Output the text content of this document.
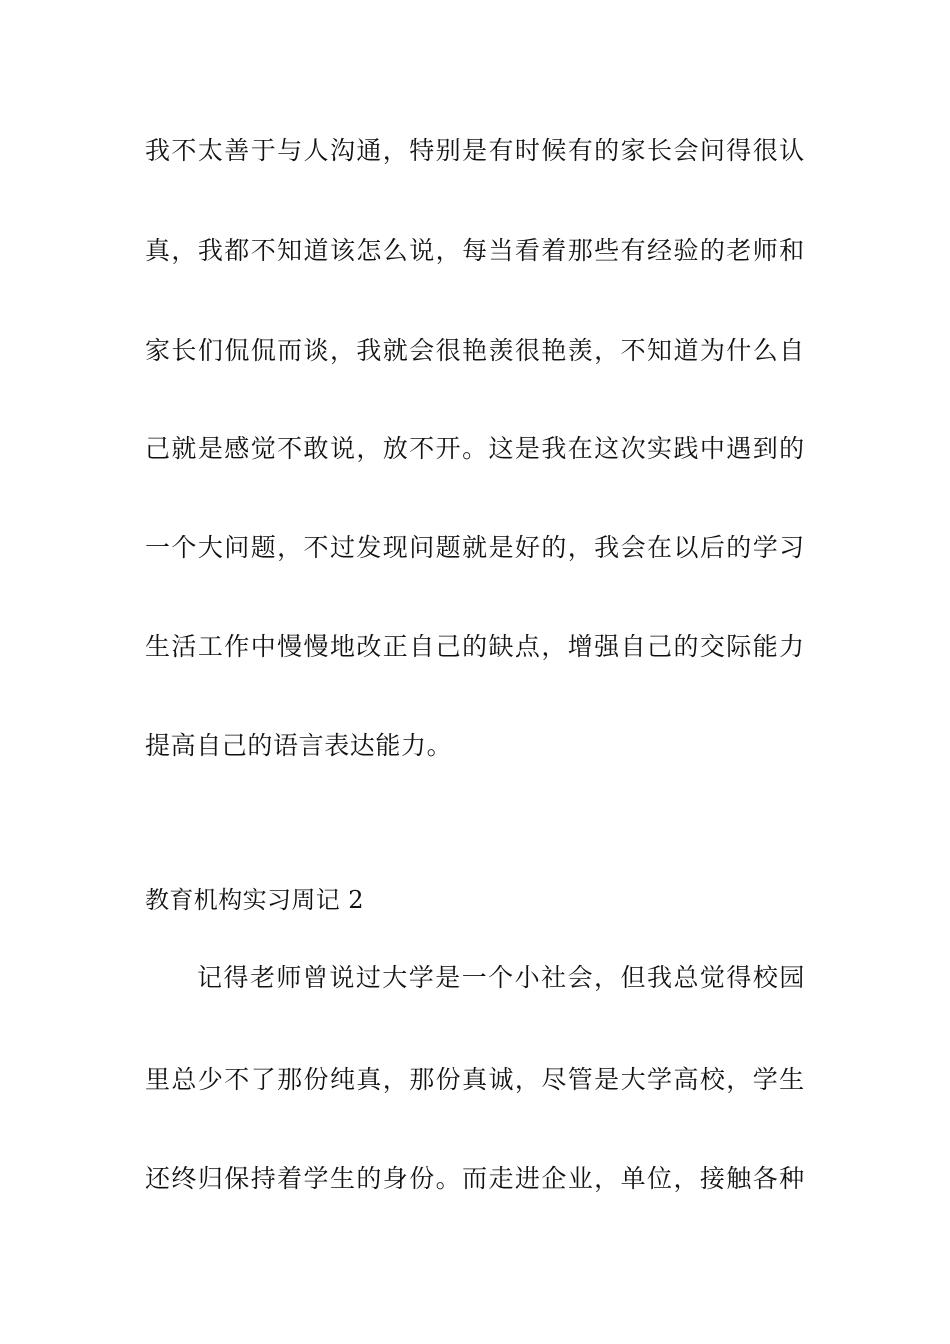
我 不 太 善 于 与 人 沟 通 ， 特 别 是 有 时 候 有 的 家 长 会 问 得 很 认
真 ， 我 都 不 知 道 该 怎 么 说 ， 每 当 看 着 那 些 有 经 验 的 老 师 和
家 长 们 侃 侃 而 谈 ， 我 就 会 很 艳 羡 很 艳 羡 ， 不 知 道 为 什 么 自
己 就 是 感 觉 不 敢 说 ， 放 不 开 。 这 是 我 在 这 次 实 践 中 遇 到 的
一 个 大 问 题 ， 不 过 发 现 问 题 就 是 好 的 ， 我 会 在 以 后 的 学 习
生 活 工 作 中 慢 慢 地 改 正 自 己 的 缺 点 ， 增 强 自 己 的 交 际 能 力
提高自己的语言表达能力。
教育机构实习周记 2
记 得 老 师 曾 说 过 大 学 是 一 个 小 社 会 ， 但 我 总 觉 得 校 园
里 总 少 不 了 那 份 纯 真 ， 那 份 真 诚 ， 尽 管 是 大 学 高 校 ， 学 生
还 终 归 保 持 着 学 生 的 身 份 。 而 走 进 企 业 ， 单 位 ， 接 触 各 种
